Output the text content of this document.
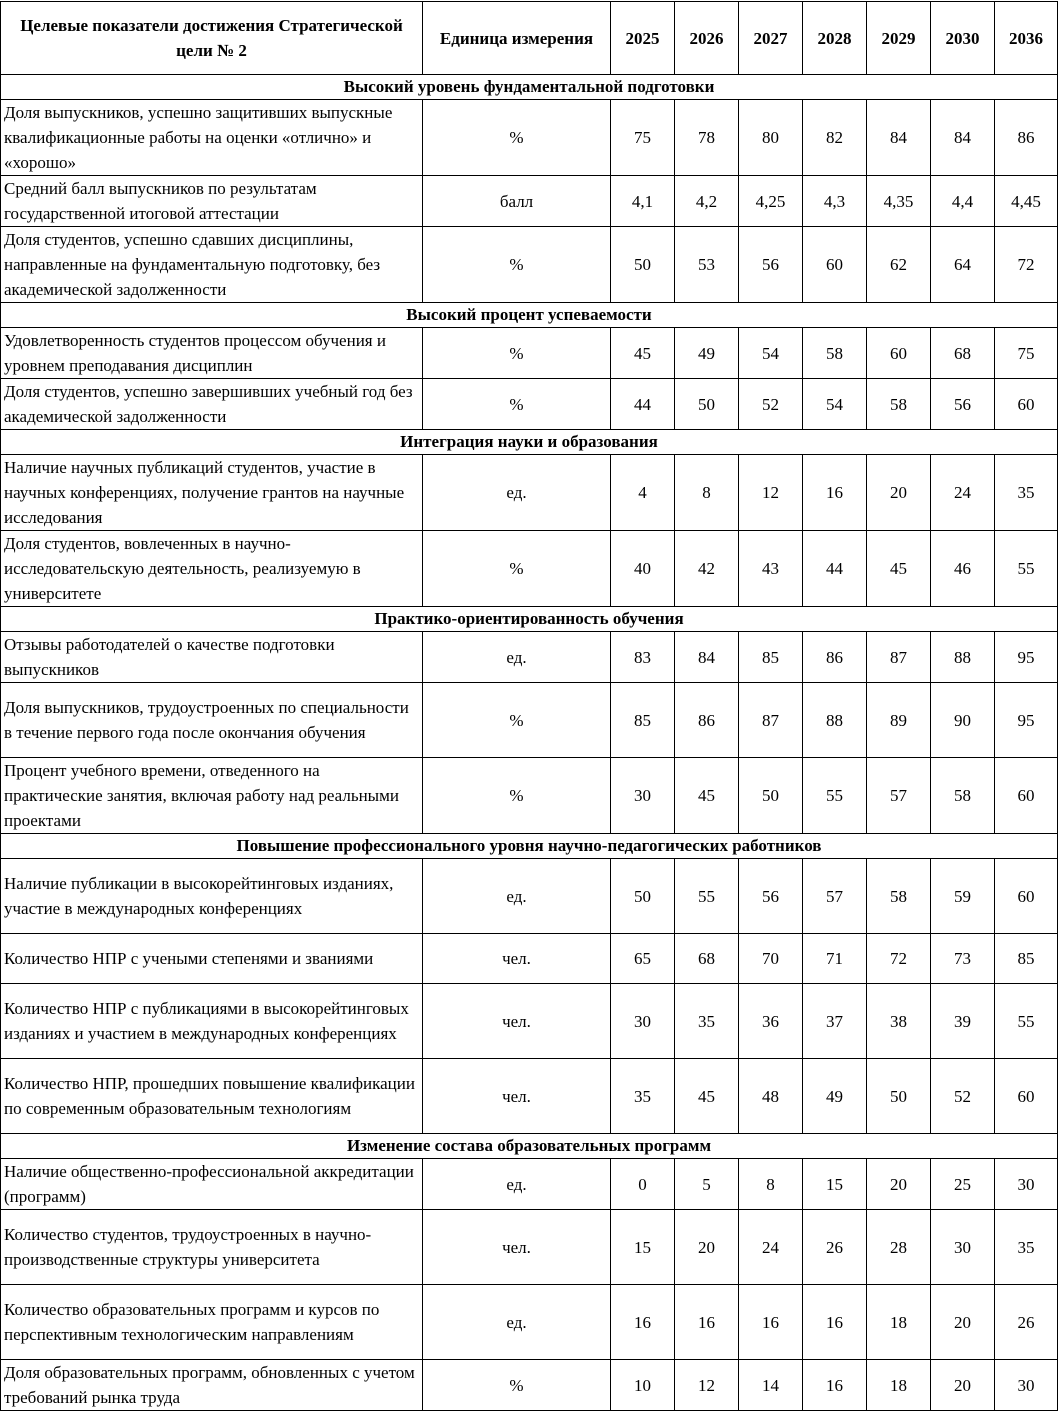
Целевые показатели достижения Стратегической цели № 2	Единица измерения	2025	2026	2027	2028	2029	2030	2036
Высокий уровень фундаментальной подготовки								
Доля выпускников, успешно защитивших выпускные квалификационные работы на оценки «отлично» и «хорошо»	%	75	78	80	82	84	84	86
Средний балл выпускников по результатам государственной итоговой аттестации	балл	4,1	4,2	4,25	4,3	4,35	4,4	4,45
Доля студентов, успешно сдавших дисциплины, направленные на фундаментальную подготовку, без академической задолженности	%	50	53	56	60	62	64	72
Высокий процент успеваемости								
Удовлетворенность студентов процессом обучения и уровнем преподавания дисциплин	%	45	49	54	58	60	68	75
Доля студентов, успешно завершивших учебный год без академической задолженности	%	44	50	52	54	58	56	60
Интеграция науки и образования								
Наличие научных публикаций студентов, участие в научных конференциях, получение грантов на научные исследования	ед.	4	8	12	16	20	24	35
Доля студентов, вовлеченных в научно-исследовательскую деятельность, реализуемую в университете	%	40	42	43	44	45	46	55
Практико-ориентированность обучения								
Отзывы работодателей о качестве подготовки выпускников	ед.	83	84	85	86	87	88	95
Доля выпускников, трудоустроенных по специальности в течение первого года после окончания обучения	%	85	86	87	88	89	90	95
Процент учебного времени, отведенного на практические занятия, включая работу над реальными проектами	%	30	45	50	55	57	58	60
Повышение профессионального уровня научно-педагогических работников								
Наличие публикации в высокорейтинговых изданиях, участие в международных конференциях	ед.	50	55	56	57	58	59	60
Количество НПР с учеными степенями и званиями	чел.	65	68	70	71	72	73	85
Количество НПР с публикациями в высокорейтинговых изданиях и участием в международных конференциях	чел.	30	35	36	37	38	39	55
Количество НПР, прошедших повышение квалификации по современным образовательным технологиям	чел.	35	45	48	49	50	52	60
Изменение состава образовательных программ								
Наличие общественно-профессиональной аккредитации (программ)	ед.	0	5	8	15	20	25	30
Количество студентов, трудоустроенных в научно-производственные структуры университета	чел.	15	20	24	26	28	30	35
Количество образовательных программ и курсов по перспективным технологическим направлениям	ед.	16	16	16	16	18	20	26
Доля образовательных программ, обновленных с учетом требований рынка труда	%	10	12	14	16	18	20	30
